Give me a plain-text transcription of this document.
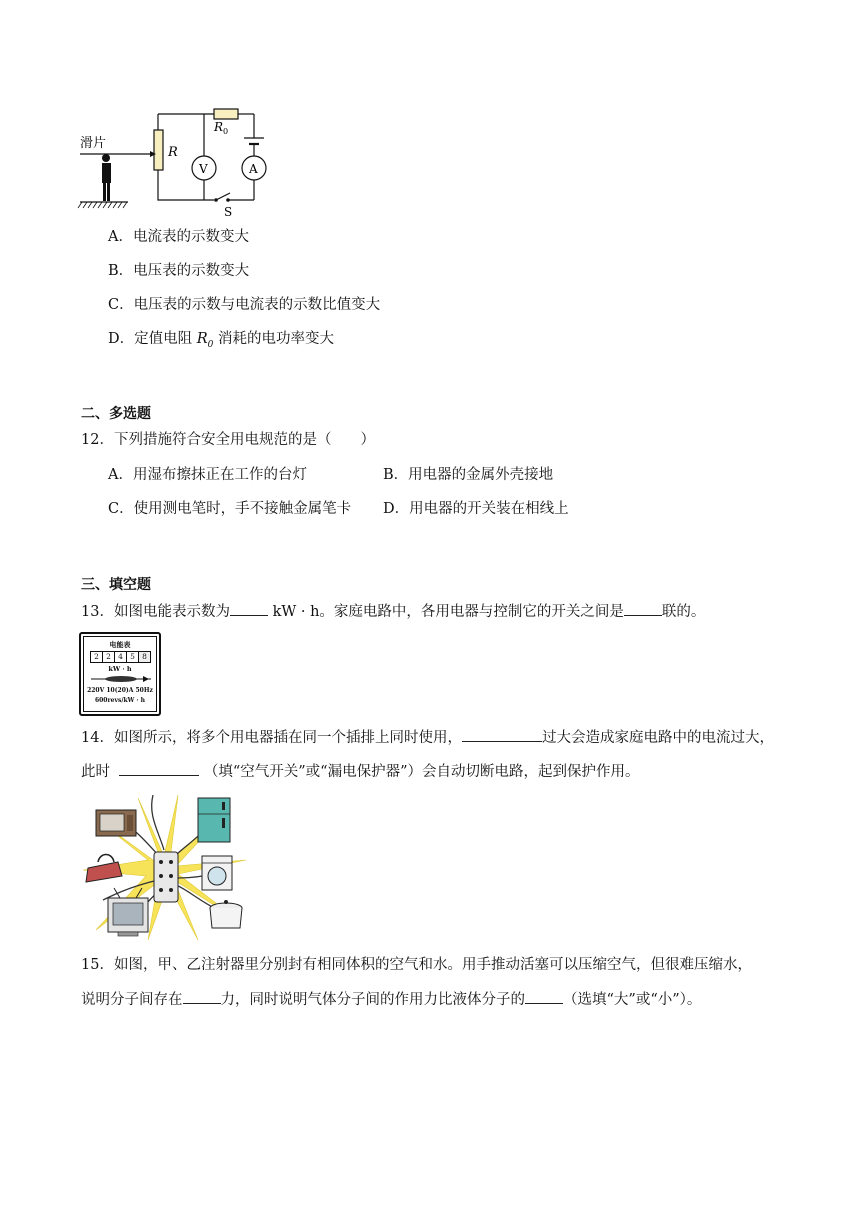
滑片
R
R 0
V	A
S
A．电流表的示数变大
B．电压表的示数变大
C．电压表的示数与电流表的示数比值变大
D．定值电阻 $R_0$ 消耗的电功率变大
二、多选题
12．下列措施符合安全用电规范的是（　　）
A．用湿布擦抹正在工作的台灯	B．用电器的金属外壳接地
C．使用测电笔时，手不接触金属笔卡 D．用电器的开关装在相线上
三、填空题
13．如图电能表示数为	kW · h。家庭电路中，各用电器与控制它的开关之间是	联的。
电能表
2 2 4 5 8
kW · h
220V 10(20)A 50Hz
600revs/kW · h
14．如图所示，将多个用电器插在同一个插排上同时使用，	过大会造成家庭电路中的电流过大，
此时	（填“空气开关”或“漏电保护器”）会自动切断电路，起到保护作用。
15．如图，甲、乙注射器里分别封有相同体积的空气和水。用手推动活塞可以压缩空气，但很难压缩水，
说明分子间存在	力，同时说明气体分子间的作用力比液体分子的	（选填“大”或“小”）。
